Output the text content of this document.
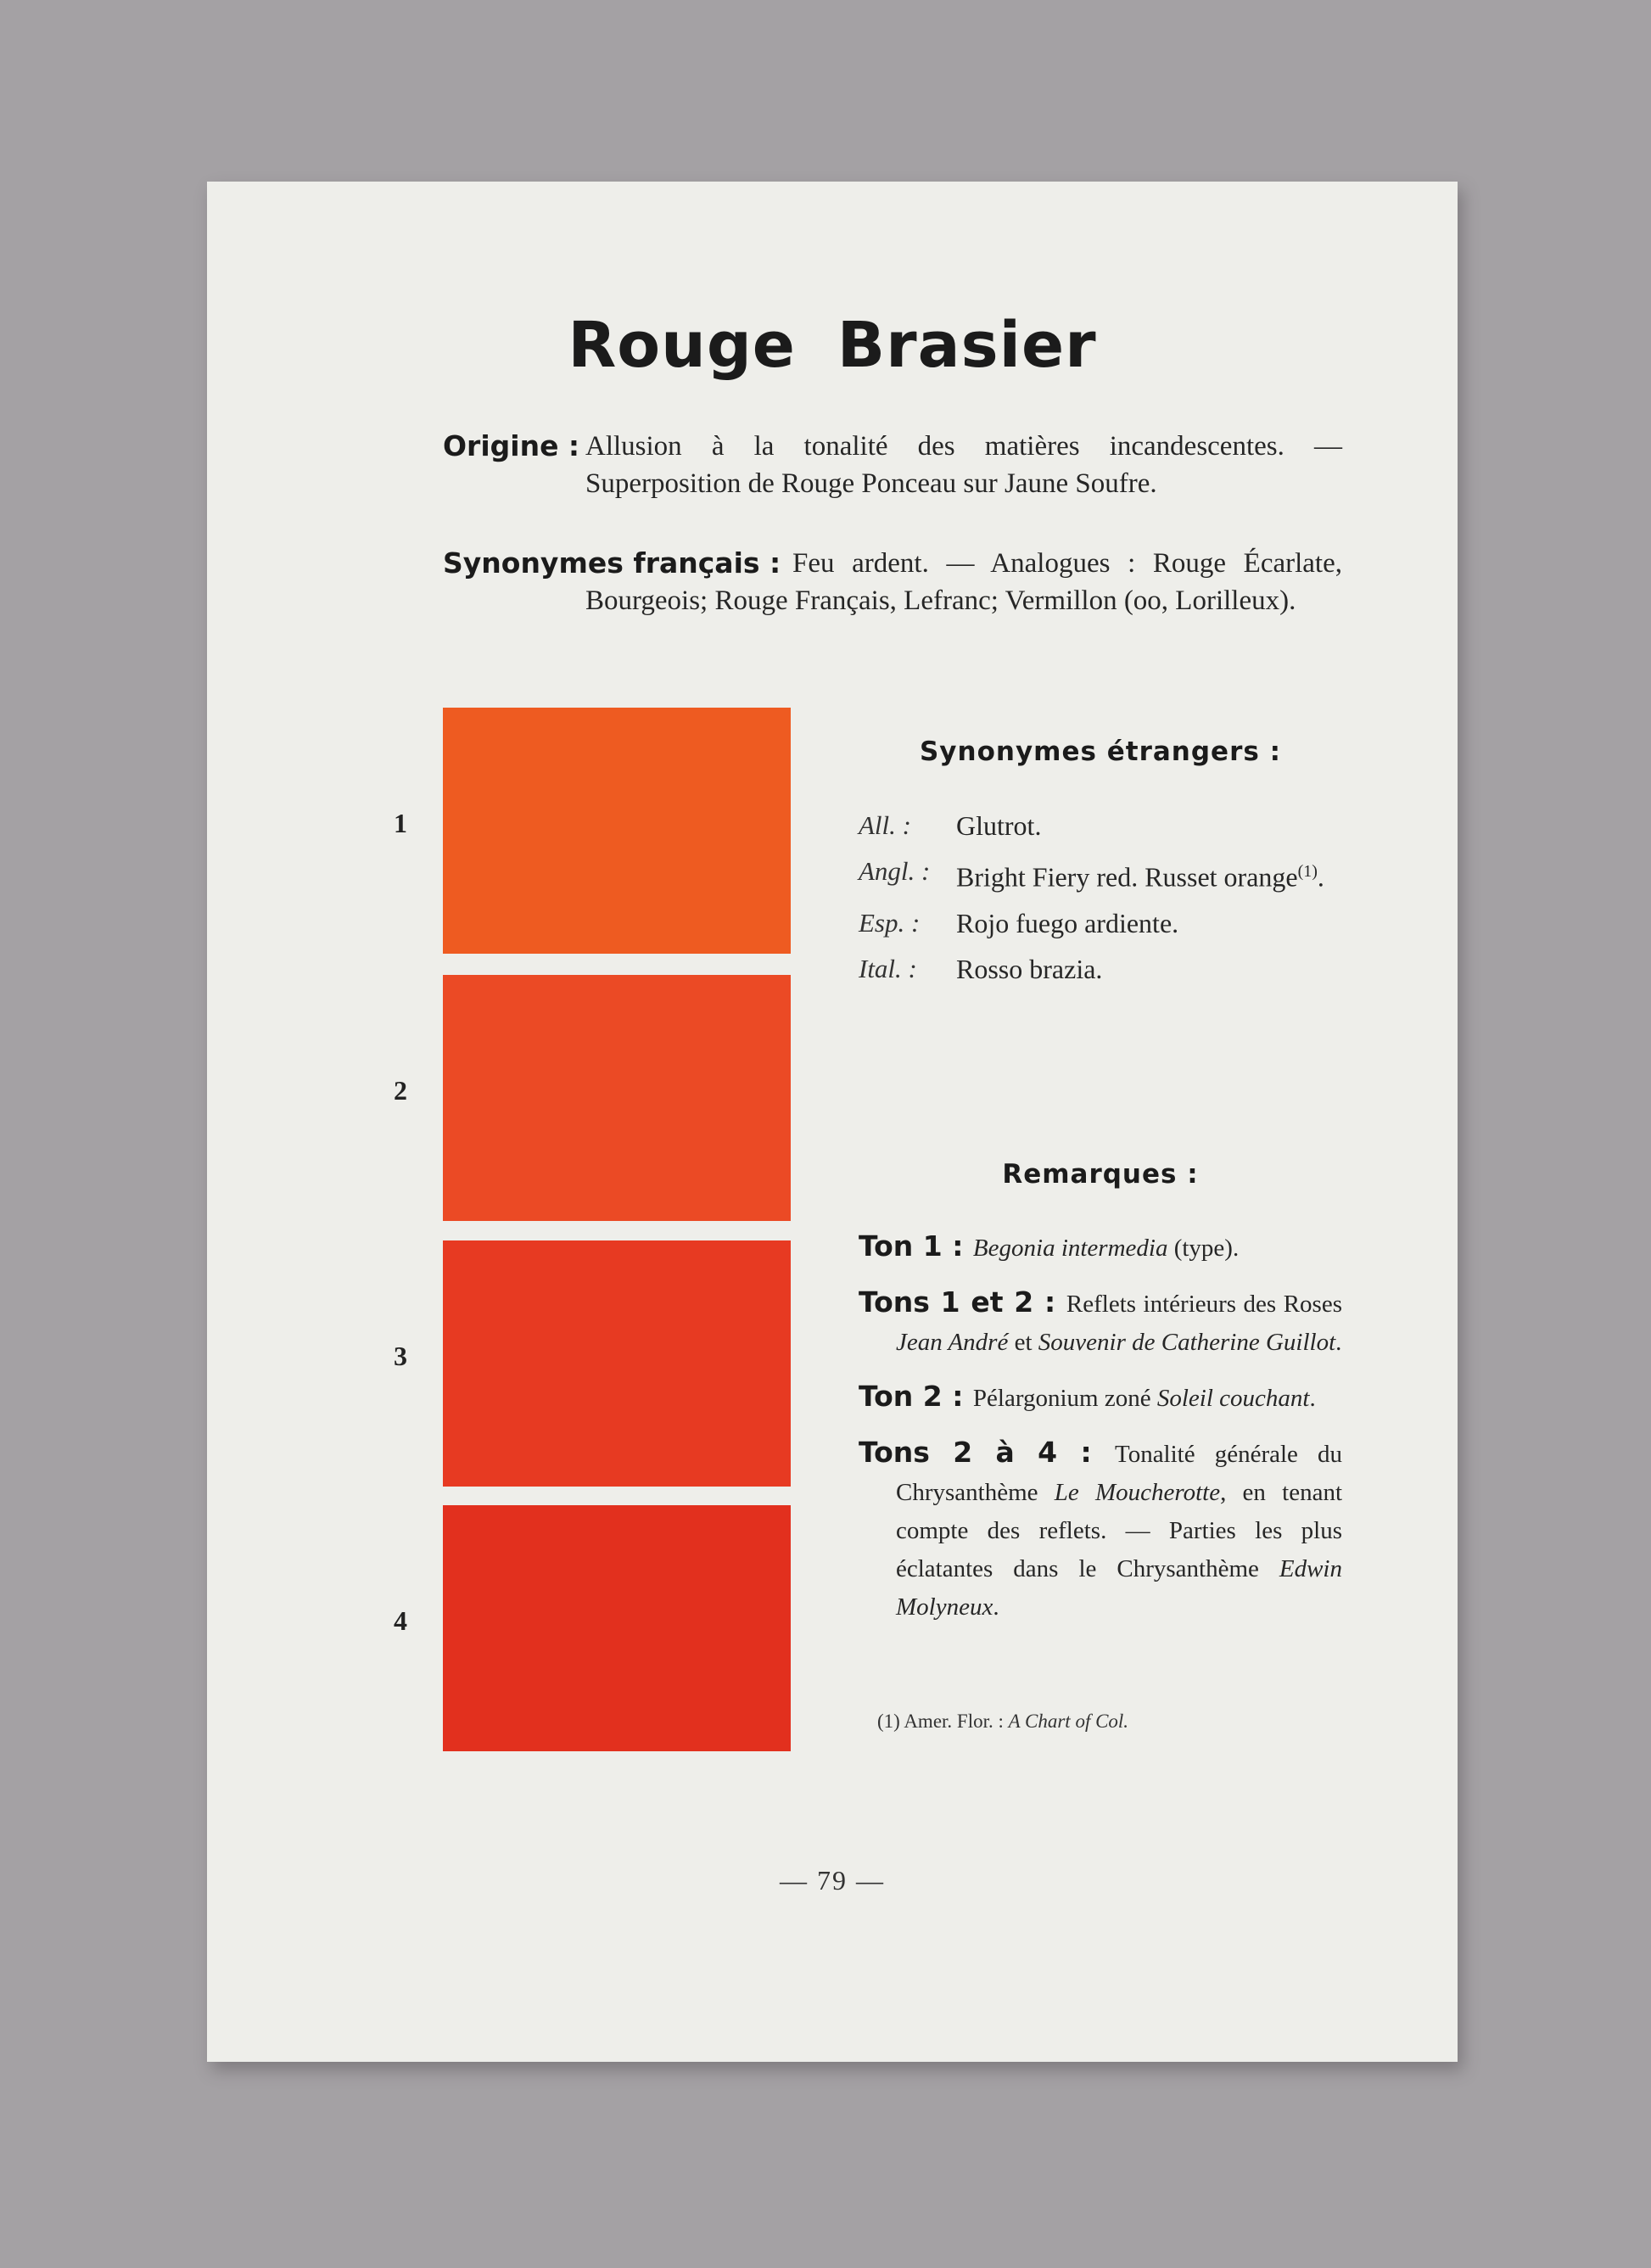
Rouge Brasier
Origine : Allusion à la tonalité des matières incandescentes. — Superposition de Rouge Ponceau sur Jaune Soufre.
Synonymes français : Feu ardent. — Analogues : Rouge Écarlate, Bourgeois; Rouge Français, Lefranc; Vermillon (oo, Lorilleux).
1
2
3
4
Synonymes étrangers :
All. :	Glutrot.
Angl. : Bright Fiery red. Russet orange$^{(1)}$.
Esp. :	Rojo fuego ardiente.
Ital. :	Rosso brazia.
Remarques :
Ton 1 : Begonia intermedia (type).
Tons 1 et 2 : Reflets intérieurs des Roses Jean André et Souvenir de Catherine Guillot.
Ton 2 : Pélargonium zoné Soleil couchant.
Tons 2 à 4 : Tonalité générale du Chrysanthème Le Moucherotte, en tenant compte des reflets. — Parties les plus éclatantes dans le Chrysanthème Edwin Molyneux.
(1) Amer. Flor. : A Chart of Col.
— 79 —
